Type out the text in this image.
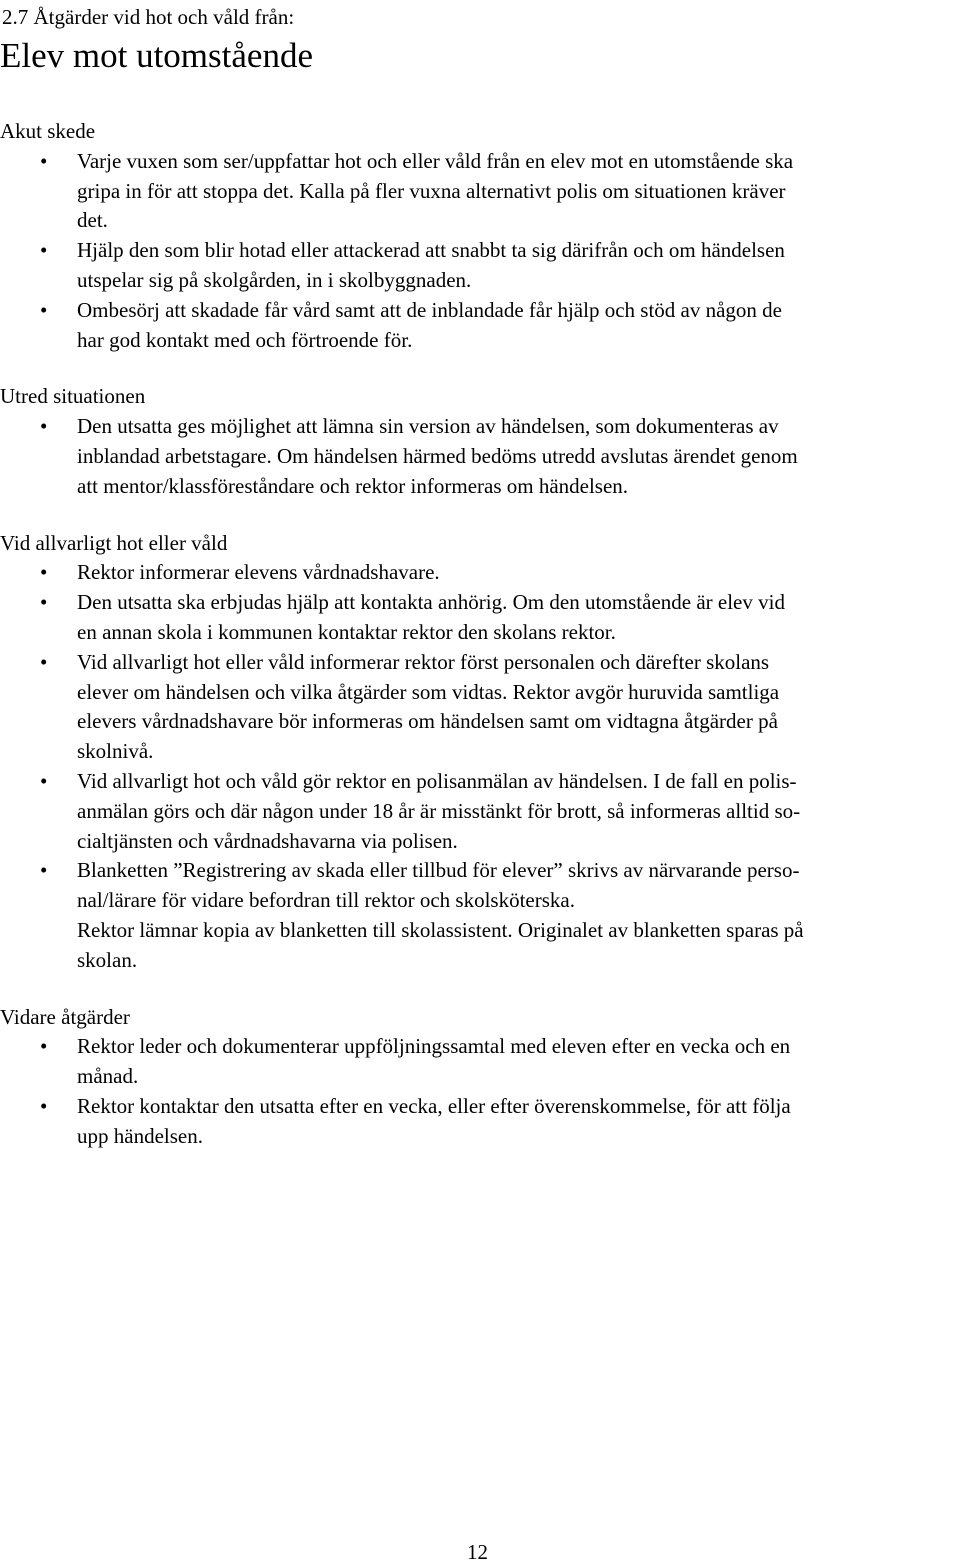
2.7 Åtgärder vid hot och våld från:
Elev mot utomstående
Akut skede
•	Varje vuxen som ser/uppfattar hot och eller våld från en elev mot en utomstående ska
gripa in för att stoppa det. Kalla på fler vuxna alternativt polis om situationen kräver
det.
•	Hjälp den som blir hotad eller attackerad att snabbt ta sig därifrån och om händelsen
utspelar sig på skolgården, in i skolbyggnaden.
•	Ombesörj att skadade får vård samt att de inblandade får hjälp och stöd av någon de
har god kontakt med och förtroende för.
Utred situationen
•	Den utsatta ges möjlighet att lämna sin version av händelsen, som dokumenteras av
inblandad arbetstagare. Om händelsen härmed bedöms utredd avslutas ärendet genom
att mentor/klassföreståndare och rektor informeras om händelsen.
Vid allvarligt hot eller våld
•	Rektor informerar elevens vårdnadshavare.
•	Den utsatta ska erbjudas hjälp att kontakta anhörig. Om den utomstående är elev vid
en annan skola i kommunen kontaktar rektor den skolans rektor.
•	Vid allvarligt hot eller våld informerar rektor först personalen och därefter skolans
elever om händelsen och vilka åtgärder som vidtas. Rektor avgör huruvida samtliga
elevers vårdnadshavare bör informeras om händelsen samt om vidtagna åtgärder på
skolnivå.
•	Vid allvarligt hot och våld gör rektor en polisanmälan av händelsen. I de fall en polis-
anmälan görs och där någon under 18 år är misstänkt för brott, så informeras alltid so-
cialtjänsten och vårdnadshavarna via polisen.
•	Blanketten ”Registrering av skada eller tillbud för elever” skrivs av närvarande perso-
nal/lärare för vidare befordran till rektor och skolsköterska.
Rektor lämnar kopia av blanketten till skolassistent. Originalet av blanketten sparas på
skolan.
Vidare åtgärder
•	Rektor leder och dokumenterar uppföljningssamtal med eleven efter en vecka och en
månad.
•	Rektor kontaktar den utsatta efter en vecka, eller efter överenskommelse, för att följa
upp händelsen.
12
